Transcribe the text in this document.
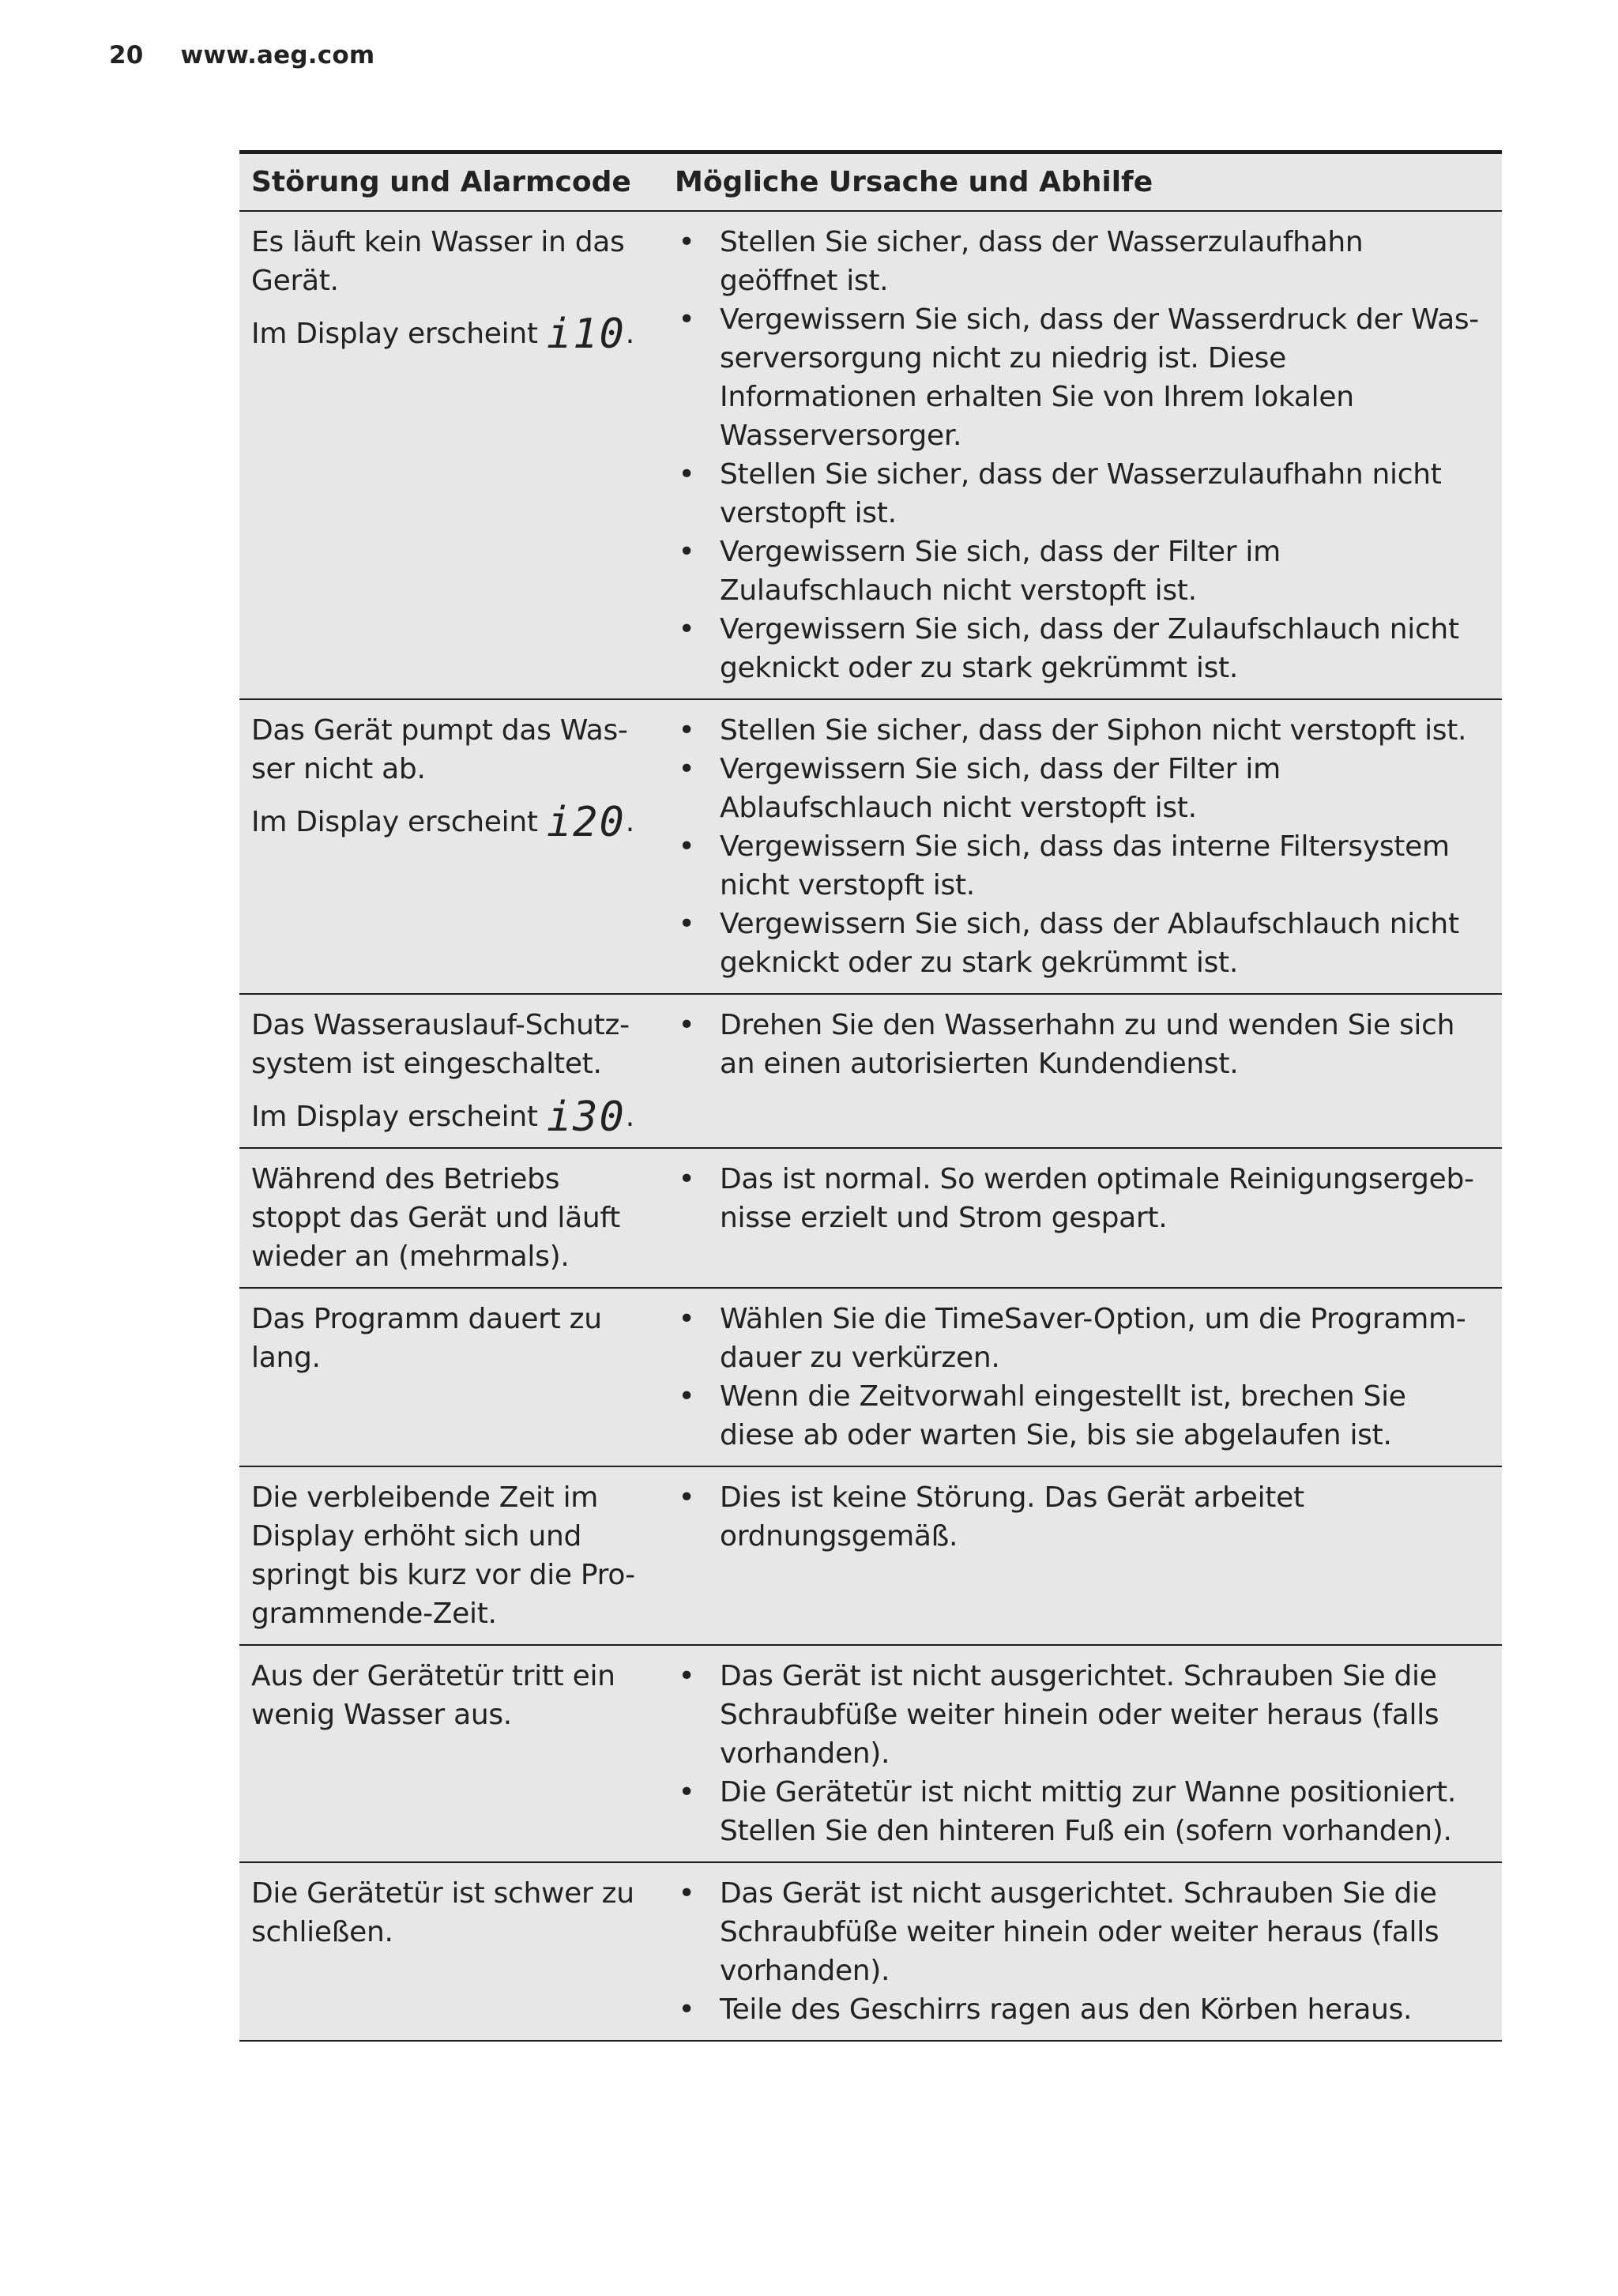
20 www.aeg.com
Störung und Alarmcode	Mögliche Ursache und Abhilfe
Es läuft kein Wasser in das Gerät.
Im Display erscheint i10.
• Stellen Sie sicher, dass der Wasserzulaufhahn geöffnet ist.
• Vergewissern Sie sich, dass der Wasserdruck der Wasserversorgung nicht zu niedrig ist. Diese Informationen erhalten Sie von Ihrem lokalen Wasserversorger.
• Stellen Sie sicher, dass der Wasserzulaufhahn nicht verstopft ist.
• Vergewissern Sie sich, dass der Filter im Zulaufschlauch nicht verstopft ist.
• Vergewissern Sie sich, dass der Zulaufschlauch nicht geknickt oder zu stark gekrümmt ist.
Das Gerät pumpt das Wasser nicht ab.
Im Display erscheint i20.
• Stellen Sie sicher, dass der Siphon nicht verstopft ist.
• Vergewissern Sie sich, dass der Filter im Ablaufschlauch nicht verstopft ist.
• Vergewissern Sie sich, dass das interne Filtersystem nicht verstopft ist.
• Vergewissern Sie sich, dass der Ablaufschlauch nicht geknickt oder zu stark gekrümmt ist.
Das Wasserauslauf-Schutzsystem ist eingeschaltet.
Im Display erscheint i30.
• Drehen Sie den Wasserhahn zu und wenden Sie sich an einen autorisierten Kundendienst.
Während des Betriebs stoppt das Gerät und läuft wieder an (mehrmals).
• Das ist normal. So werden optimale Reinigungsergebnisse erzielt und Strom gespart.
Das Programm dauert zu lang.
• Wählen Sie die TimeSaver-Option, um die Programmdauer zu verkürzen.
• Wenn die Zeitvorwahl eingestellt ist, brechen Sie diese ab oder warten Sie, bis sie abgelaufen ist.
Die verbleibende Zeit im Display erhöht sich und springt bis kurz vor die Programmende-Zeit.
• Dies ist keine Störung. Das Gerät arbeitet ordnungsgemäß.
Aus der Gerätetür tritt ein wenig Wasser aus.
• Das Gerät ist nicht ausgerichtet. Schrauben Sie die Schraubfüße weiter hinein oder weiter heraus (falls vorhanden).
• Die Gerätetür ist nicht mittig zur Wanne positioniert. Stellen Sie den hinteren Fuß ein (sofern vorhanden).
Die Gerätetür ist schwer zu schließen.
• Das Gerät ist nicht ausgerichtet. Schrauben Sie die Schraubfüße weiter hinein oder weiter heraus (falls vorhanden).
• Teile des Geschirrs ragen aus den Körben heraus.
